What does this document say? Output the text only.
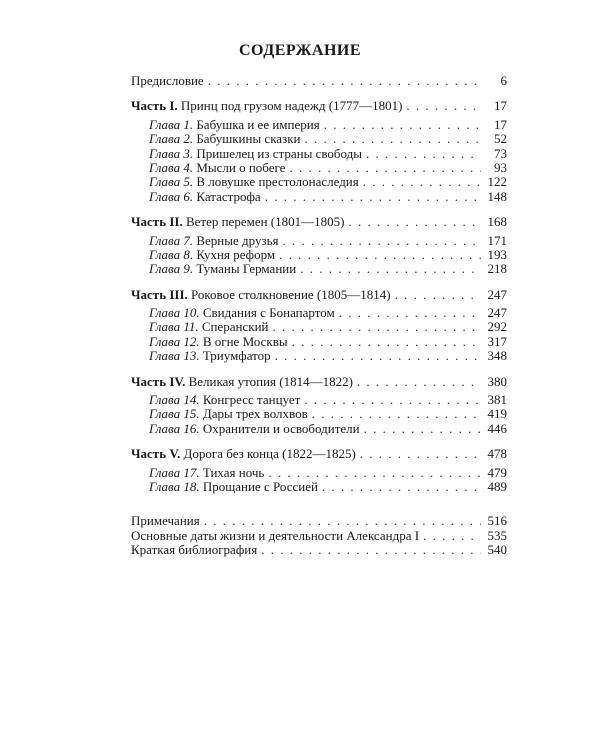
СОДЕРЖАНИЕ
Предисловие . . .	6
Часть I. Принц под грузом надежд (1777—1801) . . .	17
Глава 1. Бабушка и ее империя . . .	17
Глава 2. Бабушкины сказки . . .	52
Глава 3. Пришелец из страны свободы . . .	73
Глава 4. Мысли о побеге . . .	93
Глава 5. В ловушке престолонаследия . . .	122
Глава 6. Катастрофа . . .	148
Часть II. Ветер перемен (1801—1805) . . .	168
Глава 7. Верные друзья . . .	171
Глава 8. Кухня реформ . . .	193
Глава 9. Туманы Германии . . .	218
Часть III. Роковое столкновение (1805—1814) . . .	247
Глава 10. Свидания с Бонапартом . . .	247
Глава 11. Сперанский . . .	292
Глава 12. В огне Москвы . . .	317
Глава 13. Триумфатор . . .	348
Часть IV. Великая утопия (1814—1822) . . .	380
Глава 14. Конгресс танцует . . .	381
Глава 15. Дары трех волхвов . . .	419
Глава 16. Охранители и освободители . . .	446
Часть V. Дорога без конца (1822—1825) . . .	478
Глава 17. Тихая ночь . . .	479
Глава 18. Прощание с Россией . . .	489
Примечания . . .	516
Основные даты жизни и деятельности Александра I . . .	535
Краткая библиография . . .	540
